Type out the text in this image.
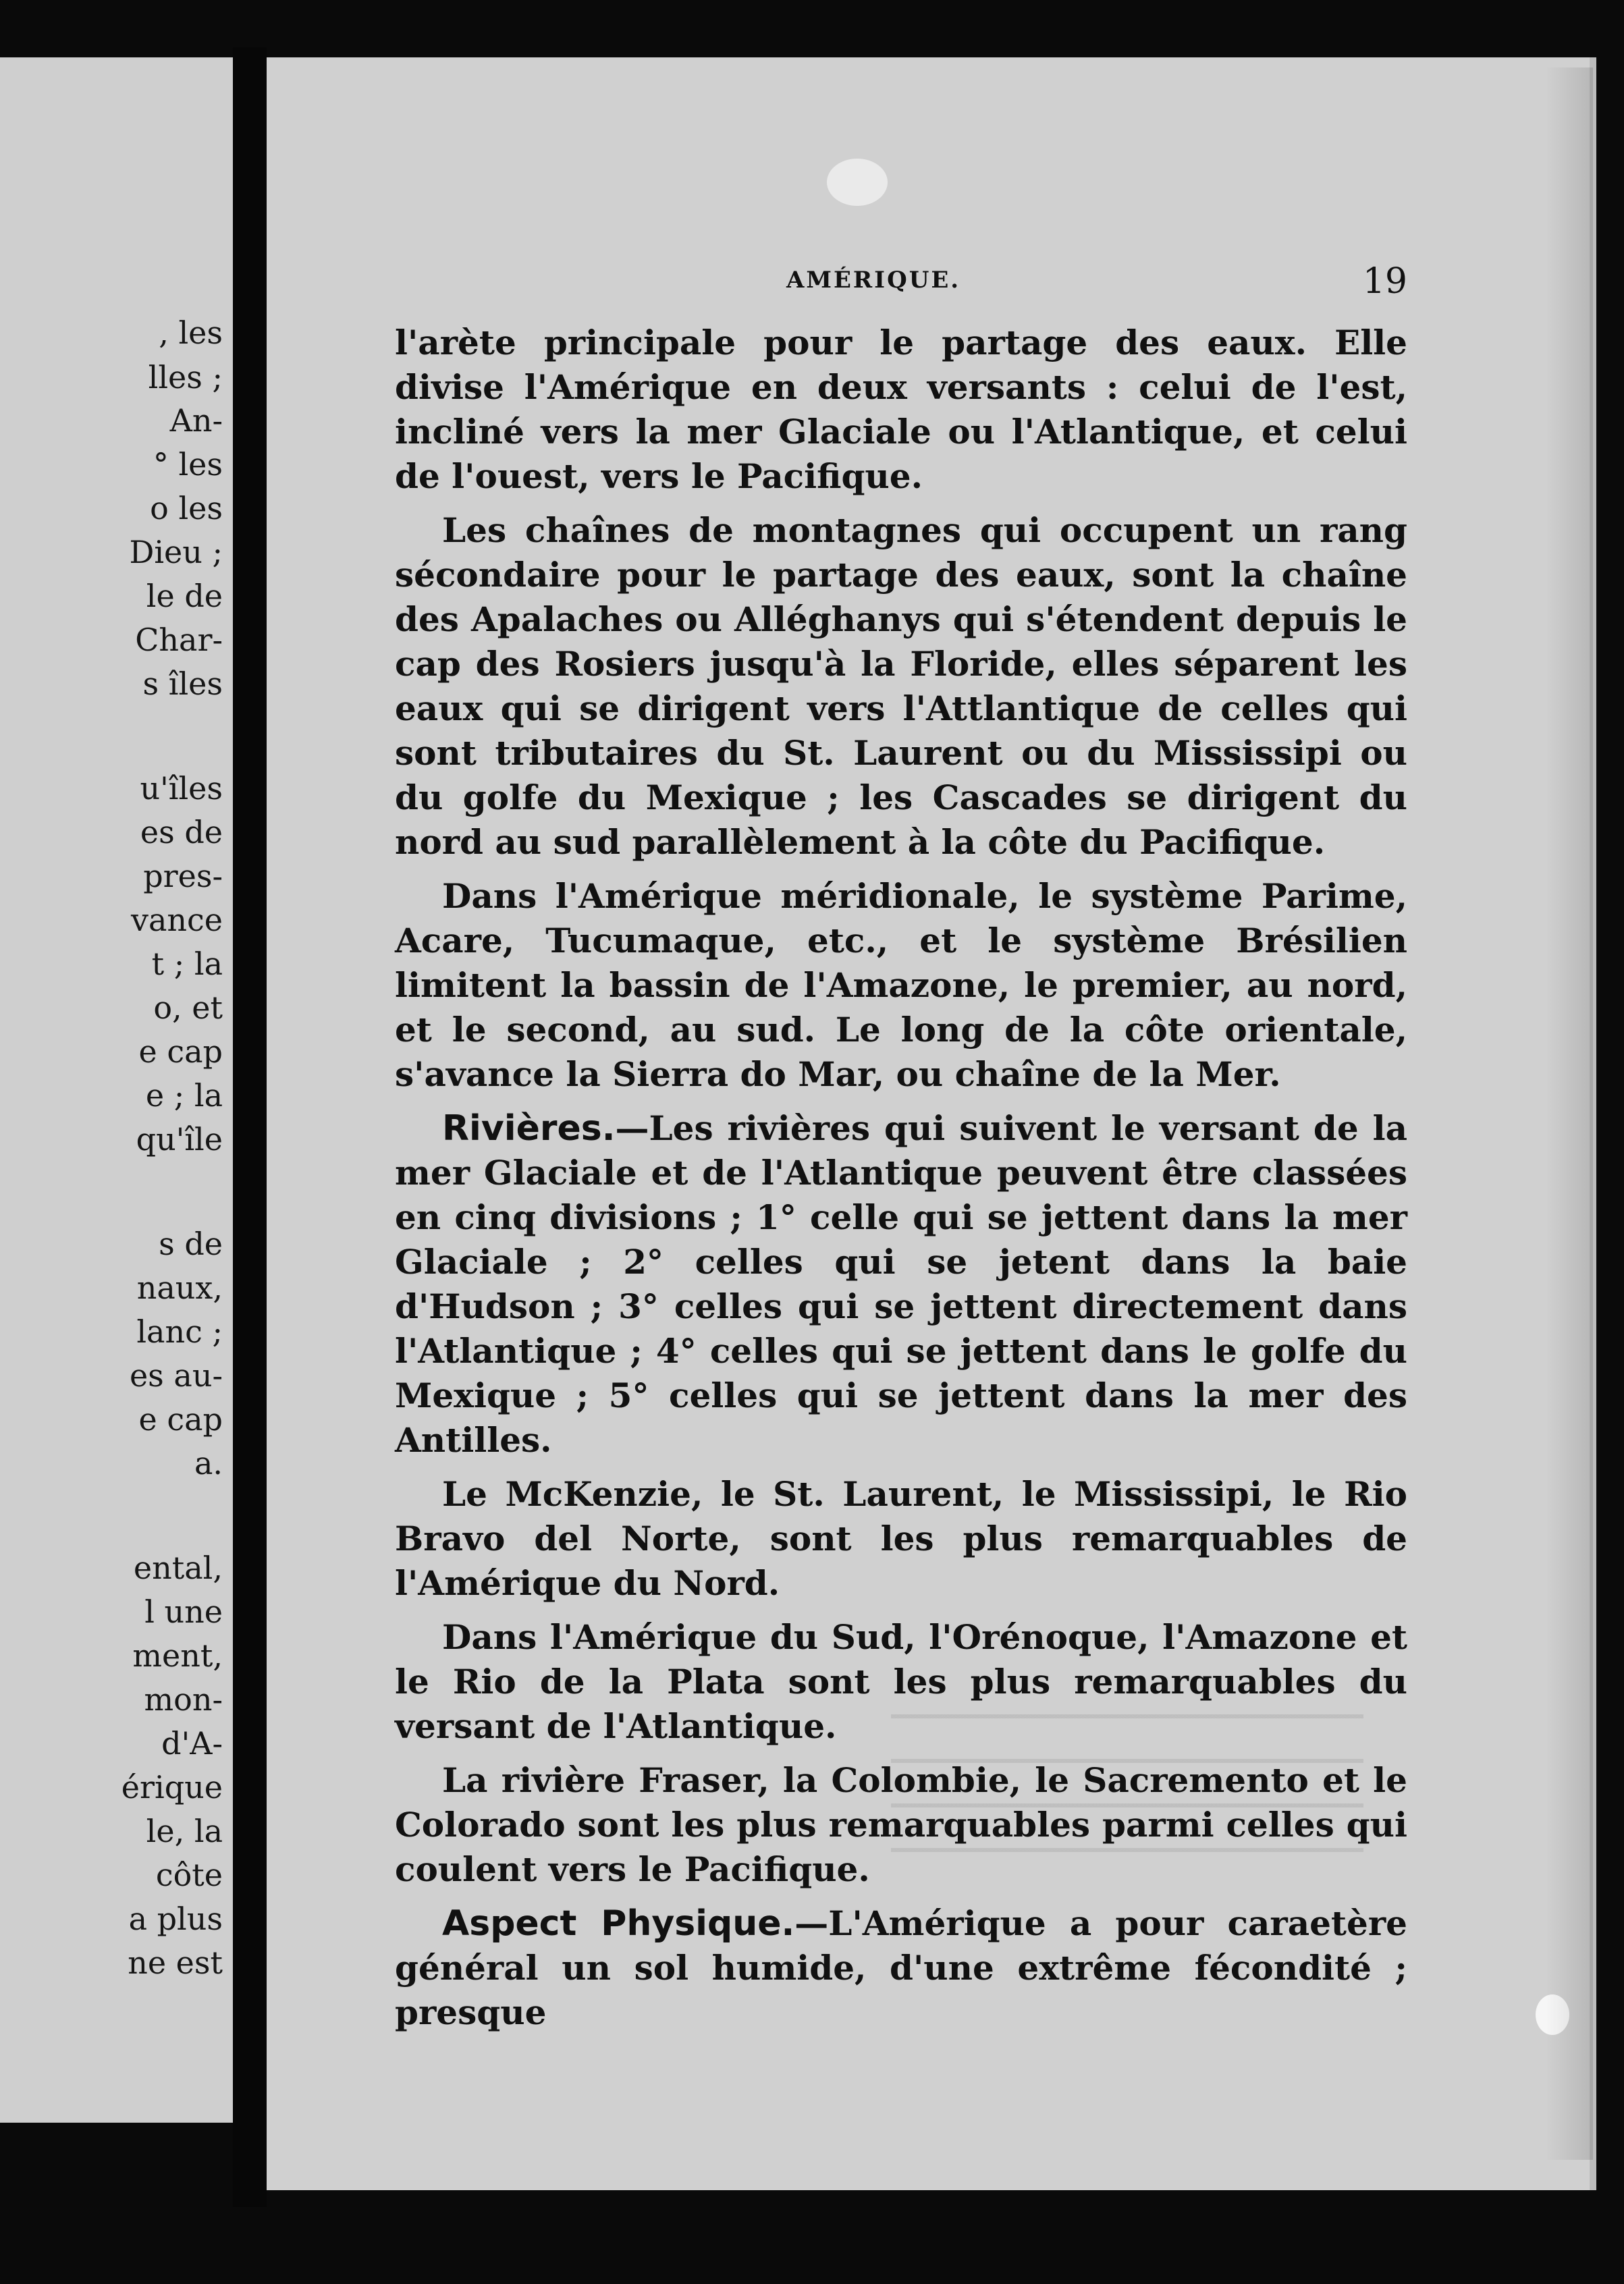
, les
lles ;
An-
° les
o les
Dieu ;
le de
Char-
s îles
u'îles
es de
pres-
vance
t ; la
o, et
e cap
e ; la
qu'île
s de
naux,
lanc ;
es au-
e cap
a.
ental,
l une
ment,
mon-
d'A-
érique
le, la
côte
a plus
ne est
AMÉRIQUE.	19

l'arète principale pour le partage des eaux. Elle divise l'Amérique en deux versants : celui de l'est, incliné vers la mer Glaciale ou l'Atlantique, et celui de l'ouest, vers le Pacifique.

Les chaînes de montagnes qui occupent un rang sécondaire pour le partage des eaux, sont la chaîne des Apalaches ou Alléghanys qui s'étendent depuis le cap des Rosiers jusqu'à la Floride, elles séparent les eaux qui se dirigent vers l'Attlantique de celles qui sont tributaires du St. Laurent ou du Mississipi ou du golfe du Mexique ; les Cascades se dirigent du nord au sud parallèlement à la côte du Pacifique.

Dans l'Amérique méridionale, le système Parime, Acare, Tucumaque, etc., et le système Brésilien limitent la bassin de l'Amazone, le premier, au nord, et le second, au sud. Le long de la côte orientale, s'avance la Sierra do Mar, ou chaîne de la Mer.

Rivières.—Les rivières qui suivent le versant de la mer Glaciale et de l'Atlantique peuvent être classées en cinq divisions ; 1° celle qui se jettent dans la mer Glaciale ; 2° celles qui se jetent dans la baie d'Hudson ; 3° celles qui se jettent directement dans l'Atlantique ; 4° celles qui se jettent dans le golfe du Mexique ; 5° celles qui se jettent dans la mer des Antilles.

Le McKenzie, le St. Laurent, le Mississipi, le Rio Bravo del Norte, sont les plus remarquables de l'Amérique du Nord.

Dans l'Amérique du Sud, l'Orénoque, l'Amazone et le Rio de la Plata sont les plus remarquables du versant de l'Atlantique.

La rivière Fraser, la Colombie, le Sacremento et le Colorado sont les plus remarquables parmi celles qui coulent vers le Pacifique.

Aspect Physique.—L'Amérique a pour caraetère général un sol humide, d'une extrême fécondité ; presque
